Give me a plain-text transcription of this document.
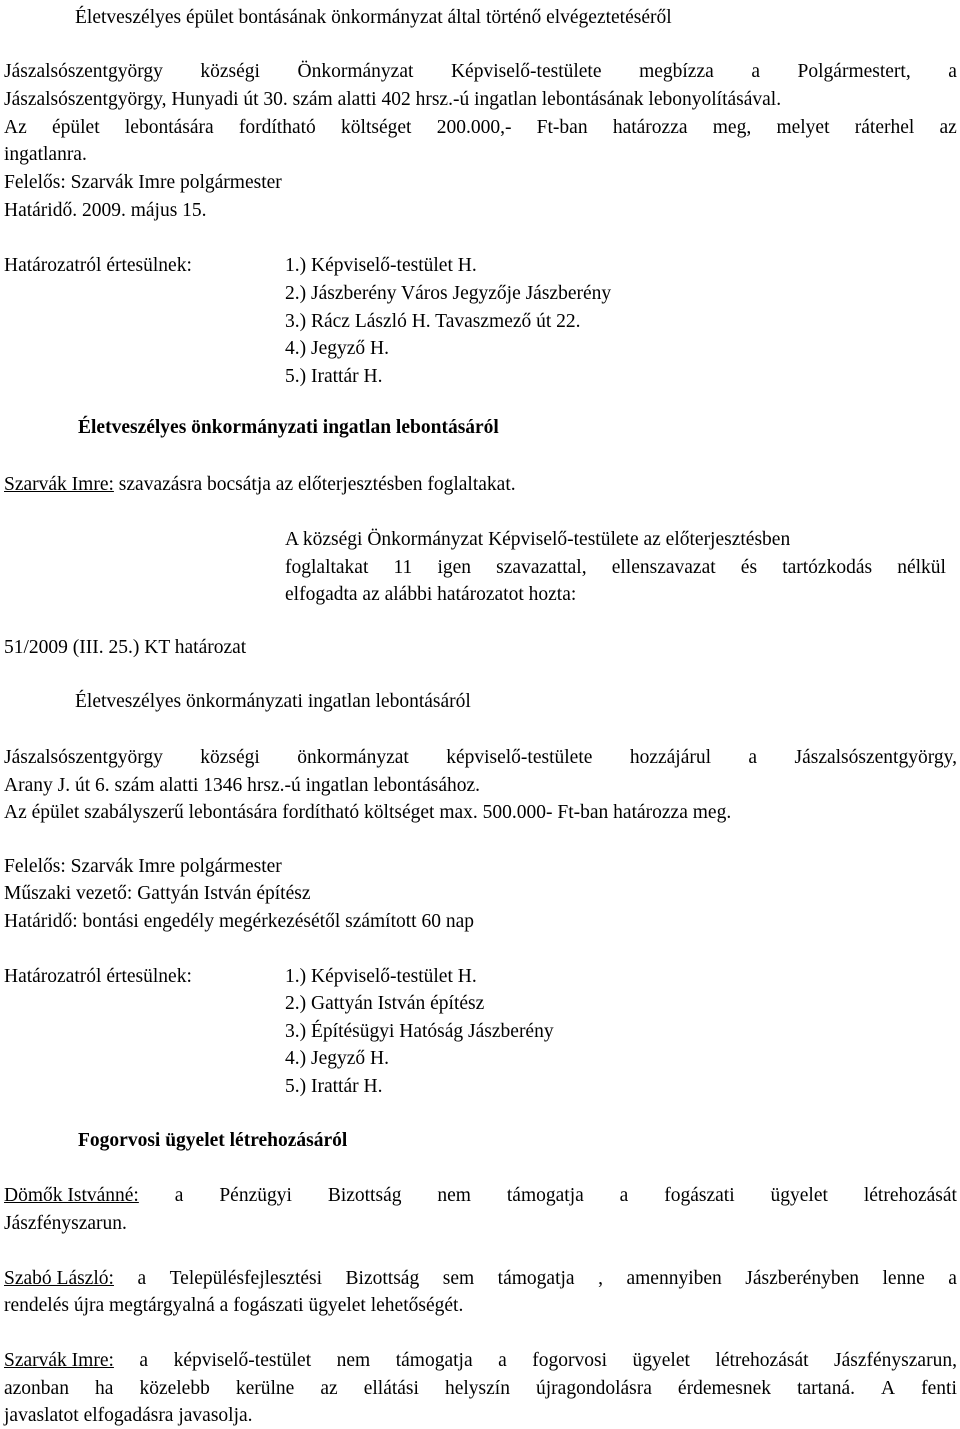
Életveszélyes épület bontásának önkormányzat által történő elvégeztetéséről
Jászalsószentgyörgy községi Önkormányzat Képviselő-testülete megbízza a Polgármestert, a
Jászalsószentgyörgy, Hunyadi út 30. szám alatti 402 hrsz.-ú ingatlan lebontásának lebonyolításával.
Az épület lebontására fordítható költséget 200.000,- Ft-ban határozza meg, melyet ráterhel az
ingatlanra.
Felelős: Szarvák Imre polgármester
Határidő. 2009. május 15.
Határozatról értesülnek:	1.) Képviselő-testület H.
2.) Jászberény Város Jegyzője Jászberény
3.) Rácz László H. Tavaszmező út 22.
4.) Jegyző H.
5.) Irattár H.
Életveszélyes önkormányzati ingatlan lebontásáról
Szarvák Imre: szavazásra bocsátja az előterjesztésben foglaltakat.
A községi Önkormányzat Képviselő-testülete az előterjesztésben
foglaltakat 11 igen szavazattal, ellenszavazat és tartózkodás nélkül
elfogadta az alábbi határozatot hozta:
51/2009 (III. 25.) KT határozat
Életveszélyes önkormányzati ingatlan lebontásáról
Jászalsószentgyörgy községi önkormányzat képviselő-testülete hozzájárul a Jászalsószentgyörgy,
Arany J. út 6. szám alatti 1346 hrsz.-ú ingatlan lebontásához.
Az épület szabályszerű lebontására fordítható költséget max. 500.000- Ft-ban határozza meg.
Felelős: Szarvák Imre polgármester
Műszaki vezető: Gattyán István építész
Határidő: bontási engedély megérkezésétől számított 60 nap
Határozatról értesülnek:	1.) Képviselő-testület H.
2.) Gattyán István építész
3.) Építésügyi Hatóság Jászberény
4.) Jegyző H.
5.) Irattár H.
Fogorvosi ügyelet létrehozásáról
Dömők Istvánné: a Pénzügyi Bizottság nem támogatja a fogászati ügyelet létrehozását
Jászfényszarun.
Szabó László: a Településfejlesztési Bizottság sem támogatja , amennyiben Jászberényben lenne a
rendelés újra megtárgyalná a fogászati ügyelet lehetőségét.
Szarvák Imre: a képviselő-testület nem támogatja a fogorvosi ügyelet létrehozását Jászfényszarun,
azonban ha közelebb kerülne az ellátási helyszín újragondolásra érdemesnek tartaná. A fenti
javaslatot elfogadásra javasolja.
